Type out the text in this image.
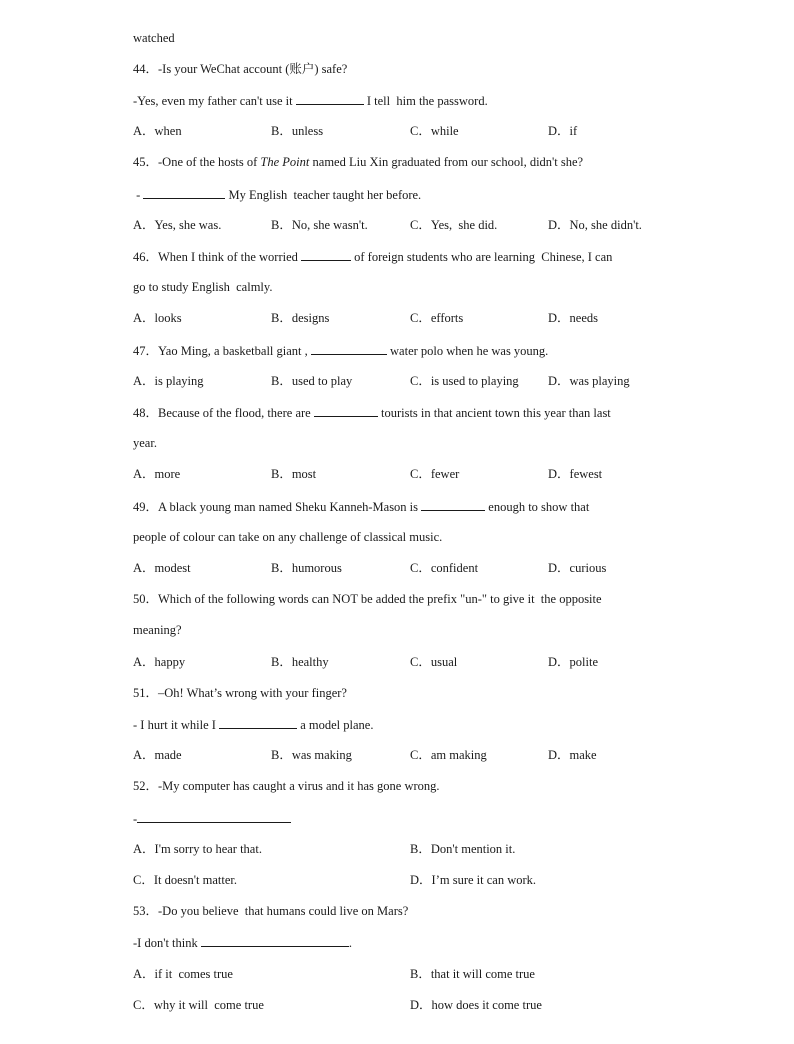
watched
44．-Is your WeChat account (账户) safe?
-Yes, even my father can't use it	I tell  him the password.
A．when	B．unless	C．while	D．if
45．-One of the hosts of The Point named Liu Xin graduated from our school, didn't she?
-	My English  teacher taught her before.
A．Yes, she was.	B．No, she wasn't.	C．Yes,  she did.	D．No, she didn't.
46．When I think of the worried	of foreign students who are learning  Chinese, I can
go to study English  calmly.
A．looks	B．designs	C．efforts	D．needs
47．Yao Ming, a basketball giant ,	water polo when he was young.
A．is playing	B．used to play	C．is used to playing D．was playing
48．Because of the flood, there are	tourists in that ancient town this year than last
year.
A．more	B．most	C．fewer	D．fewest
49．A black young man named Sheku Kanneh-Mason is	enough to show that
people of colour can take on any challenge of classical music.
A．modest	B．humorous	C．confident	D．curious
50．Which of the following words can NOT be added the prefix "un-" to give it  the opposite
meaning?
A．happy	B．healthy	C．usual	D．polite
51．–Oh! What’s wrong with your finger?
- I hurt it while I	a model plane.
A．made	B．was making	C．am making	D．make
52．-My computer has caught a virus and it has gone wrong.
-
A．I'm sorry to hear that.	B．Don't mention it.
C．It doesn't matter.	D．I’m sure it can work.
53．-Do you believe  that humans could live on Mars?
-I don't think	.
A．if it  comes true	B．that it will come true
C．why it will  come true	D．how does it come true
